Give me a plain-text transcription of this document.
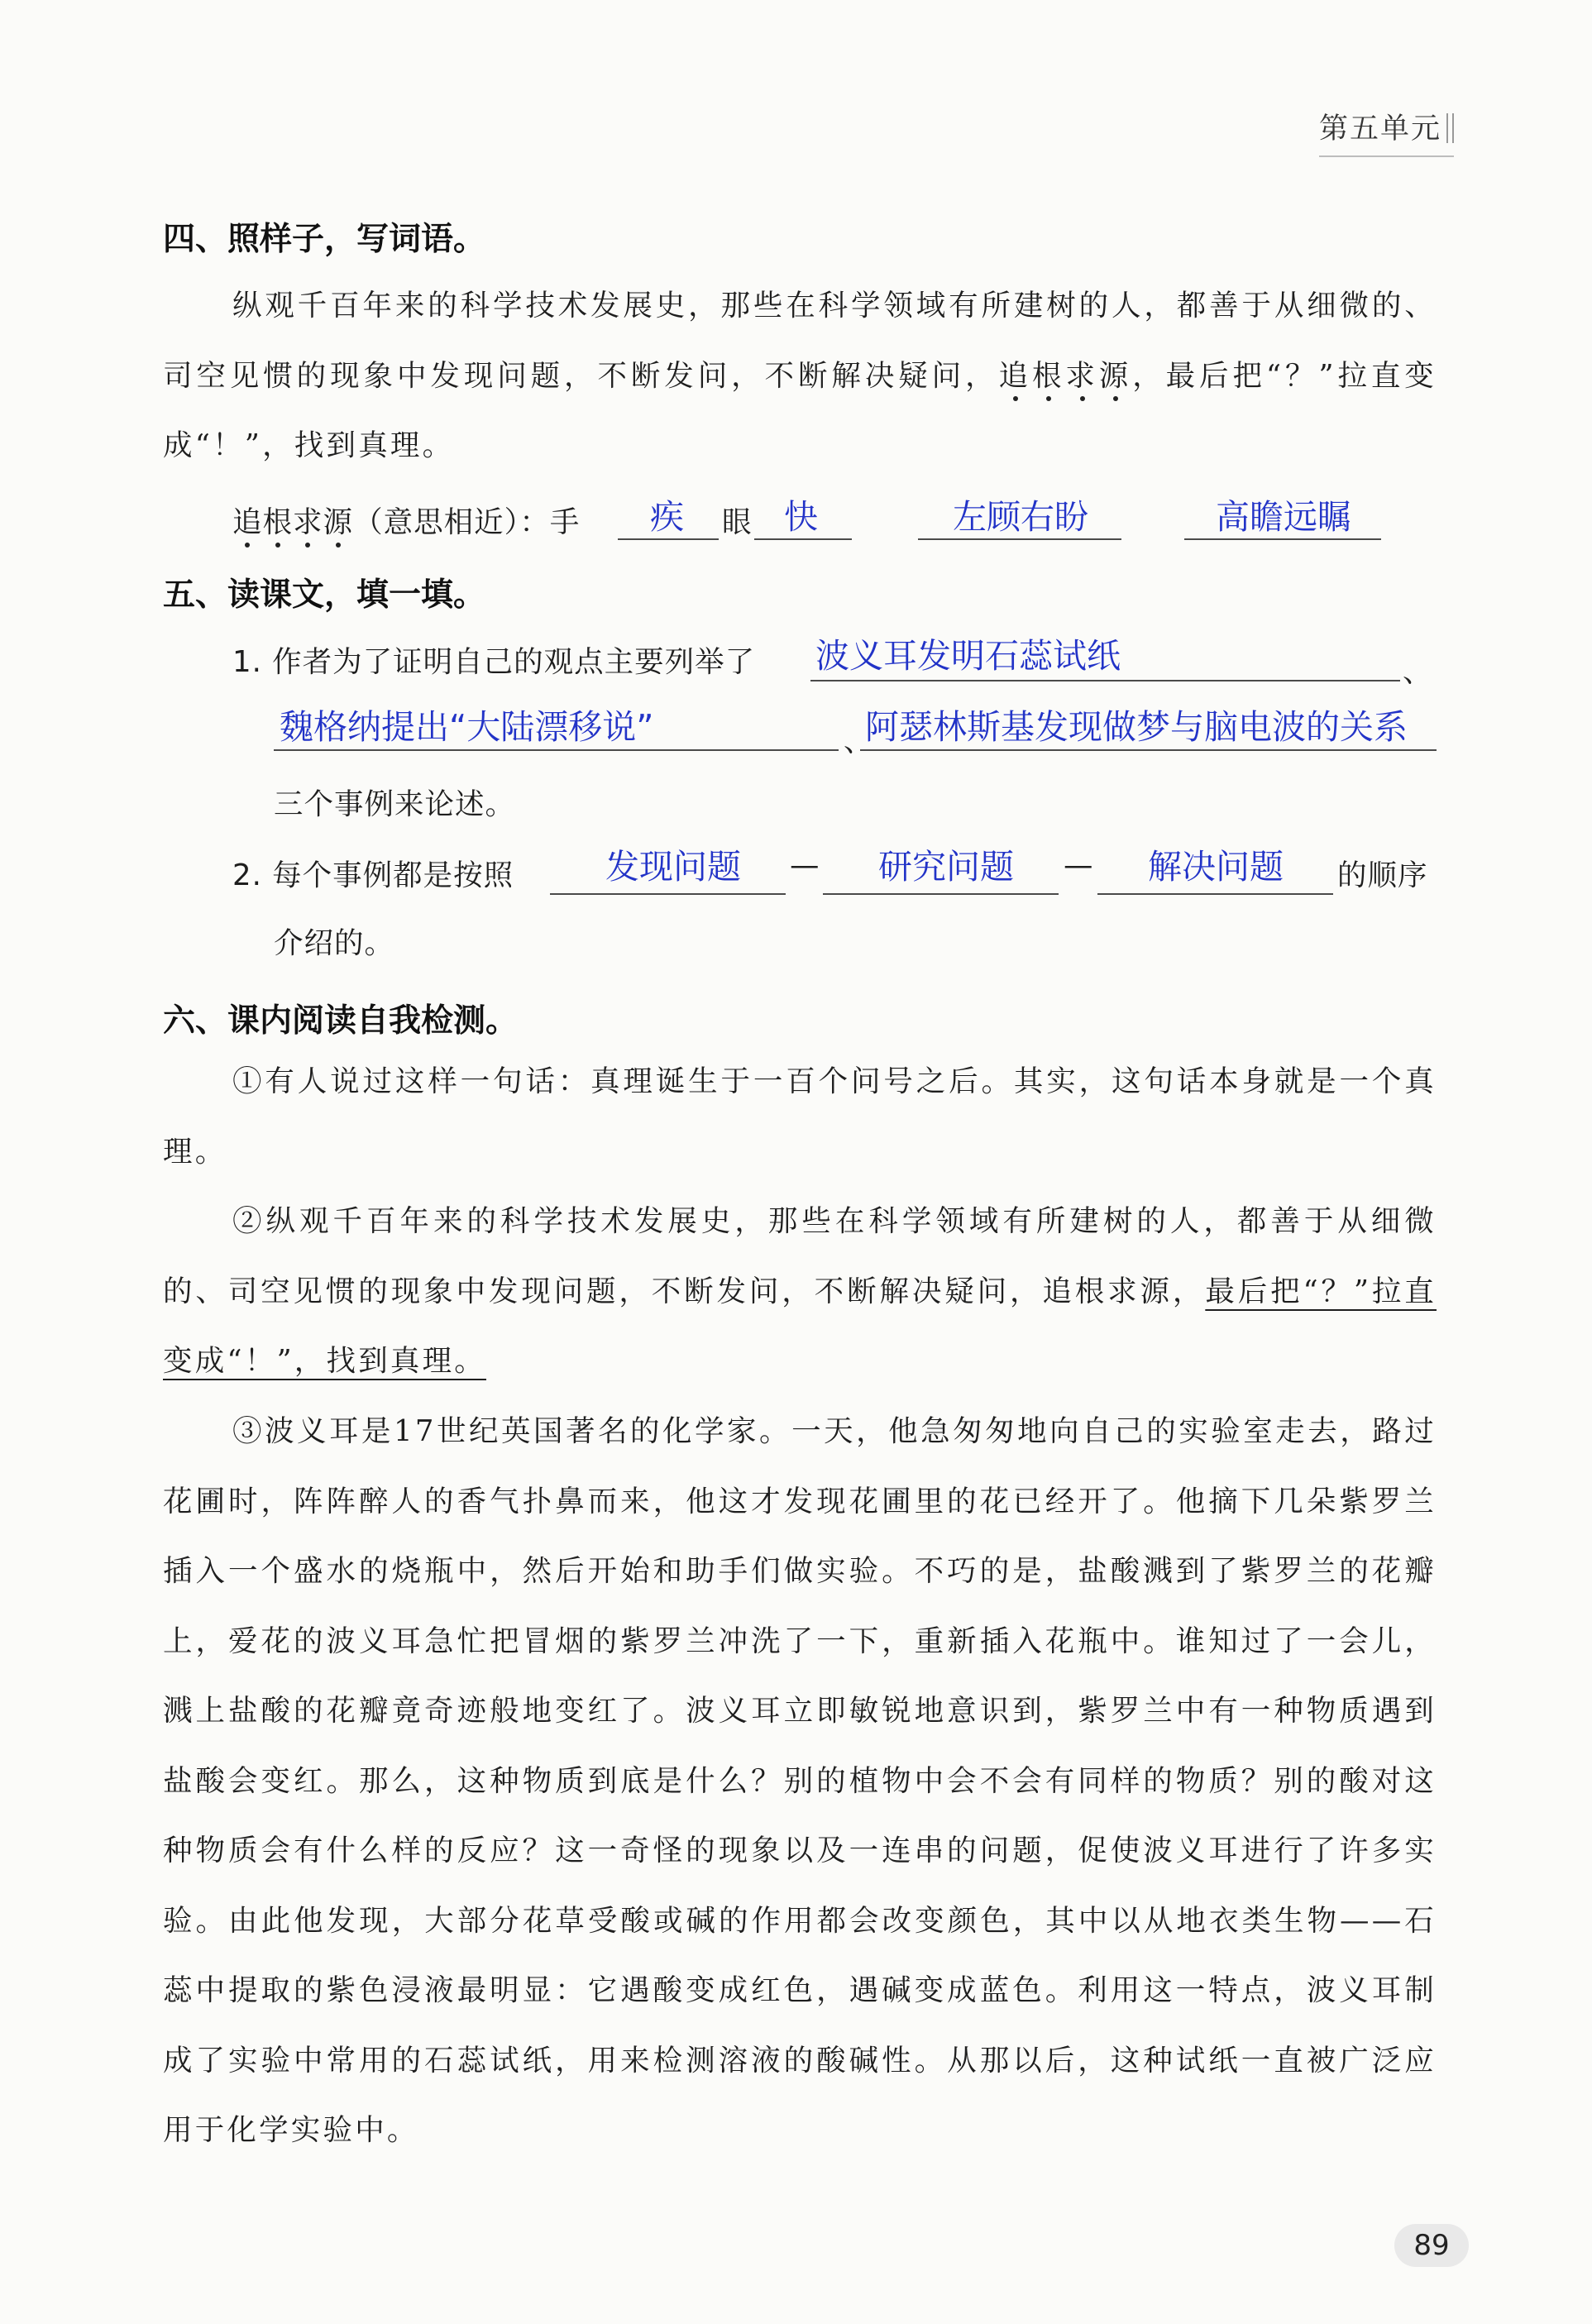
第五单元
四、照样子，写词语。

纵观千百年来的科学技术发展史，那些在科学领域有所建树的人，都善于从细微的、司空见惯的现象中发现问题，不断发问，不断解决疑问，追根求源，最后把“？”拉直变成“！”，找到真理。

追根求源（意思相近）：手 疾 眼 快	左顾右盼	高瞻远瞩
五、读课文，填一填。
1. 作者为了证明自己的观点主要列举了 波义耳发明石蕊试纸	、
魏格纳提出“大陆漂移说”	、
阿瑟林斯基发现做梦与脑电波的关系
三个事例来论述。
2. 每个事例都是按照	发现问题 — 研究问题 — 解决问题 的顺序
介绍的。
六、课内阅读自我检测。

①有人说过这样一句话：真理诞生于一百个问号之后。其实，这句话本身就是一个真理。

②纵观千百年来的科学技术发展史，那些在科学领域有所建树的人，都善于从细微的、司空见惯的现象中发现问题，不断发问，不断解决疑问，追根求源，最后把“？”拉直变成“！”，找到真理。

③波义耳是17世纪英国著名的化学家。一天，他急匆匆地向自己的实验室走去，路过花圃时，阵阵醉人的香气扑鼻而来，他这才发现花圃里的花已经开了。他摘下几朵紫罗兰插入一个盛水的烧瓶中，然后开始和助手们做实验。不巧的是，盐酸溅到了紫罗兰的花瓣上，爱花的波义耳急忙把冒烟的紫罗兰冲洗了一下，重新插入花瓶中。谁知过了一会儿，溅上盐酸的花瓣竟奇迹般地变红了。波义耳立即敏锐地意识到，紫罗兰中有一种物质遇到盐酸会变红。那么，这种物质到底是什么？别的植物中会不会有同样的物质？别的酸对这种物质会有什么样的反应？这一奇怪的现象以及一连串的问题，促使波义耳进行了许多实验。由此他发现，大部分花草受酸或碱的作用都会改变颜色，其中以从地衣类生物——石蕊中提取的紫色浸液最明显：它遇酸变成红色，遇碱变成蓝色。利用这一特点，波义耳制成了实验中常用的石蕊试纸，用来检测溶液的酸碱性。从那以后，这种试纸一直被广泛应用于化学实验中。

89
